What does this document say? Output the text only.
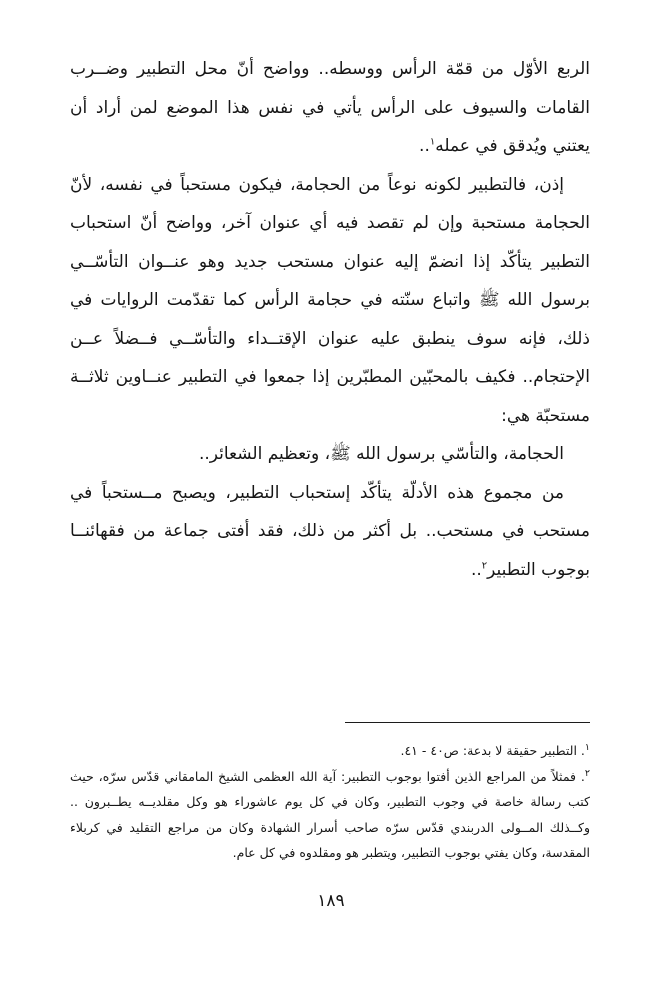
الربع الأوّل من قمّة الرأس ووسطه.. وواضح أنّ محل التطبير وضــرب القامات والسيوف على الرأس يأتي في نفس هذا الموضع لمن أراد أن يعتني ويُدقق في عمله$^١$..

إذن، فالتطبير لكونه نوعاً من الحجامة، فيكون مستحباً في نفسه، لأنّ الحجامة مستحبة وإن لم تقصد فيه أي عنوان آخر، وواضح أنّ استحباب التطبير يتأكّد إذا انضمّ إليه عنوان مستحب جديد وهو عنــوان التأسّــي برسول الله ﷺ واتباع سنّته في حجامة الرأس كما تقدّمت الروايات في ذلك، فإنه سوف ينطبق عليه عنوان الإقتــداء والتأسّــي فــضلاً عــن الإحتجام.. فكيف بالمحبّين المطبّرين إذا جمعوا في التطبير عنــاوين ثلاثــة مستحبّة هي:

الحجامة، والتأسّي برسول الله ﷺ، وتعظيم الشعائر..

من مجموع هذه الأدلّة يتأكّد إستحباب التطبير، ويصبح مــستحباً في مستحب في مستحب.. بل أكثر من ذلك، فقد أفتى جماعة من فقهائنــا بوجوب التطبير$^٢$..

$^١$. التطبير حقيقة لا بدعة: ص٤٠ - ٤١.

$^٢$. فمثلاً من المراجع الذين أفتوا بوجوب التطبير: آية الله العظمى الشيخ المامقاني قدّس سرّه، حيث كتب رسالة خاصة في وجوب التطبير، وكان في كل يوم عاشوراء هو وكل مقلديــه يطــبرون .. وكــذلك المــولى الدربندي قدّس سرّه صاحب أسرار الشهادة وكان من مراجع التقليد في كربلاء المقدسة، وكان يفتي بوجوب التطبير، ويتطبر هو ومقلدوه في كل عام.

١٨٩
